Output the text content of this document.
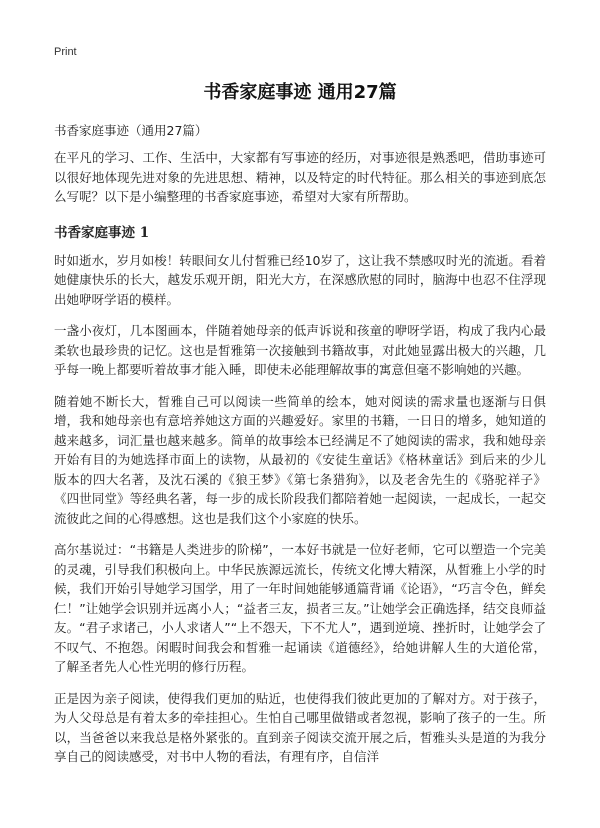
Print
书香家庭事迹 通用27篇

书香家庭事迹（通用27篇）

在平凡的学习、工作、生活中，大家都有写事迹的经历，对事迹很是熟悉吧，借助事迹可以很好地体现先进对象的先进思想、精神，以及特定的时代特征。那么相关的事迹到底怎么写呢？以下是小编整理的书香家庭事迹，希望对大家有所帮助。

书香家庭事迹 1

时如逝水，岁月如梭！转眼间女儿付皙雅已经10岁了，这让我不禁感叹时光的流逝。看着她健康快乐的长大，越发乐观开朗，阳光大方，在深感欣慰的同时，脑海中也忍不住浮现出她咿呀学语的模样。

一盏小夜灯，几本图画本，伴随着她母亲的低声诉说和孩童的咿呀学语，构成了我内心最柔软也最珍贵的记忆。这也是皙雅第一次接触到书籍故事，对此她显露出极大的兴趣，几乎每一晚上都要听着故事才能入睡，即使未必能理解故事的寓意但毫不影响她的兴趣。

随着她不断长大，皙雅自己可以阅读一些简单的绘本，她对阅读的需求量也逐渐与日俱增，我和她母亲也有意培养她这方面的兴趣爱好。家里的书籍，一日日的增多，她知道的越来越多，词汇量也越来越多。简单的故事绘本已经满足不了她阅读的需求，我和她母亲开始有目的为她选择市面上的读物，从最初的《安徒生童话》《格林童话》到后来的少儿版本的四大名著，及沈石溪的《狼王梦》《第七条猎狗》，以及老舍先生的《骆驼祥子》《四世同堂》等经典名著，每一步的成长阶段我们都陪着她一起阅读，一起成长，一起交流彼此之间的心得感想。这也是我们这个小家庭的快乐。

高尔基说过：“书籍是人类进步的阶梯”，一本好书就是一位好老师，它可以塑造一个完美的灵魂，引导我们积极向上。中华民族源远流长，传统文化博大精深，从皙雅上小学的时候，我们开始引导她学习国学，用了一年时间她能够通篇背诵《论语》，“巧言令色，鲜矣仁！”让她学会识别并远离小人；“益者三友，损者三友。”让她学会正确选择，结交良师益友。“君子求诸己，小人求诸人”“上不怨天，下不尤人”，遇到逆境、挫折时，让她学会了不叹气、不抱怨。闲暇时间我会和皙雅一起诵读《道德经》，给她讲解人生的大道伦常，了解圣者先人心性光明的修行历程。

正是因为亲子阅读，使得我们更加的贴近，也使得我们彼此更加的了解对方。对于孩子，为人父母总是有着太多的牵挂担心。生怕自己哪里做错或者忽视，影响了孩子的一生。所以，当爸爸以来我总是格外紧张的。直到亲子阅读交流开展之后，皙雅头头是道的为我分享自己的阅读感受，对书中人物的看法，有理有序，自信洋
